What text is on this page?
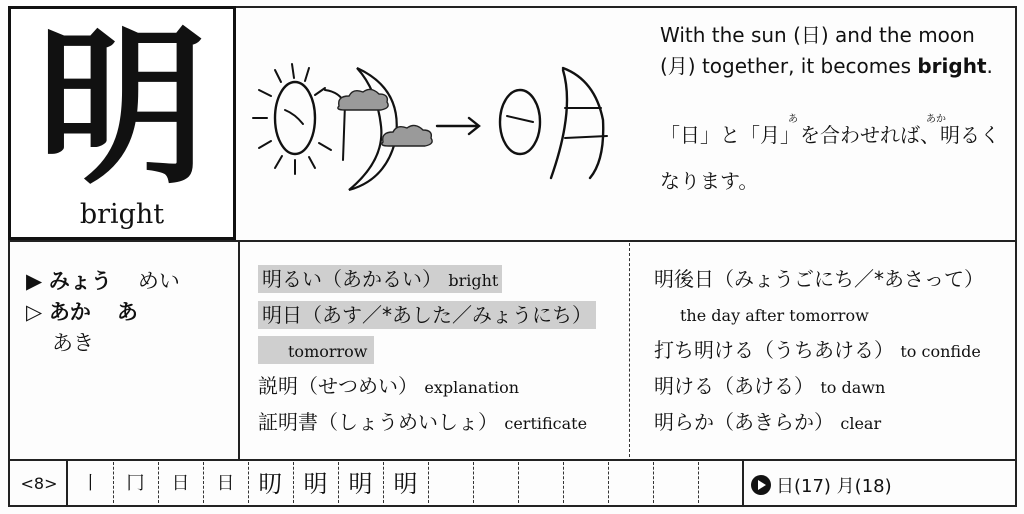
明
bright
With the sun (日) and the moon (月) together, it becomes bright.
あ	あか
「日」と「月」を合わせれば、明るく
なります。
▶ みょう めい
▷ あか あ
あき
明るい（あかるい） bright
明日（あす／*あした／みょうにち）
tomorrow
説明（せつめい） explanation
証明書（しょうめいしょ） certificate
明後日（みょうごにち／*あさって）
the day after tomorrow
打ち明ける（うちあける） to confide
明ける（あける） to dawn
明らか（あきらか） clear
<8>	丨	冂	日	日	旫 明 明 明	日(17) 月(18)
